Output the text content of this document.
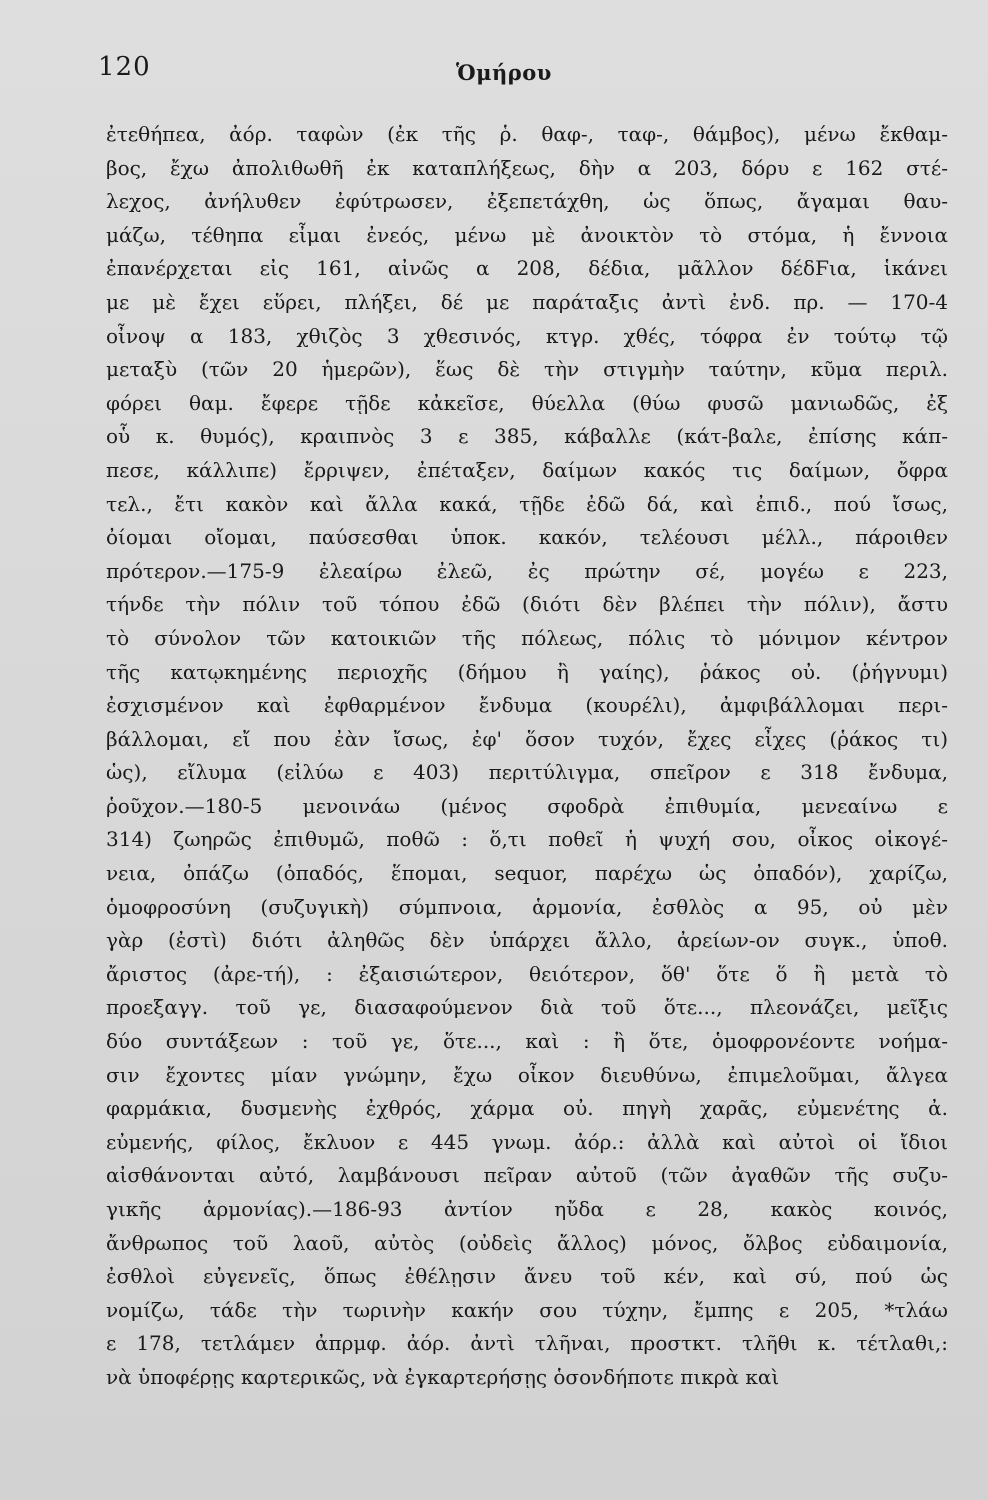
120	Ὁμήρου
ἐτεθήπεα, ἀόρ. ταφὼν (ἐκ τῆς ῥ. θαφ-, ταφ-, θάμβος), μένω ἔκθαμ-
βος, ἔχω ἀπολιθωθῆ ἐκ καταπλήξεως, δὴν α 203, δόρυ ε 162 στέ-
λεχος, ἀνήλυθεν ἐφύτρωσεν, ἐξεπετάχθη, ὡς ὅπως, ἄγαμαι θαυ-
μάζω, τέθηπα εἶμαι ἐνεός, μένω μὲ ἀνοικτὸν τὸ στόμα, ἡ ἔννοια
ἐπανέρχεται εἰς 161, αἰνῶς α 208, δέδια, μᾶλλον δέδϜια, ἱκάνει
με μὲ ἔχει εὕρει, πλήξει, δέ με παράταξις ἀντὶ ἐνδ. πρ. — 170-4
οἶνοψ α 183, χθιζὸς 3 χθεσινός, κτγρ. χθές, τόφρα ἐν τούτῳ τῷ
μεταξὺ (τῶν 20 ἡμερῶν), ἕως δὲ τὴν στιγμὴν ταύτην, κῦμα περιλ.
φόρει θαμ. ἔφερε τῇδε κἀκεῖσε, θύελλα (θύω φυσῶ μανιωδῶς, ἐξ
οὗ κ. θυμός), κραιπνὸς 3 ε 385, κάβαλλε (κάτ-βαλε, ἐπίσης κάπ-
πεσε, κάλλιπε) ἔρριψεν, ἐπέταξεν, δαίμων κακός τις δαίμων, ὄφρα
τελ., ἔτι κακὸν καὶ ἄλλα κακά, τῇδε ἐδῶ δά, καὶ ἐπιδ., πού ἴσως,
ὀίομαι οἴομαι, παύσεσθαι ὑποκ. κακόν, τελέουσι μέλλ., πάροιθεν
πρότερον.—175-9 ἐλεαίρω ἐλεῶ, ἐς πρώτην σέ, μογέω ε 223,
τήνδε τὴν πόλιν τοῦ τόπου ἐδῶ (διότι δὲν βλέπει τὴν πόλιν), ἄστυ
τὸ σύνολον τῶν κατοικιῶν τῆς πόλεως, πόλις τὸ μόνιμον κέντρον
τῆς κατῳκημένης περιοχῆς (δήμου ἢ γαίης), ῥάκος οὐ. (ῥήγνυμι)
ἐσχισμένον καὶ ἐφθαρμένον ἔνδυμα (κουρέλι), ἀμφιβάλλομαι περι-
βάλλομαι, εἴ που ἐὰν ἴσως, ἐφ' ὅσον τυχόν, ἔχες εἶχες (ῥάκος τι)
ὡς), εἴλυμα (εἰλύω ε 403) περιτύλιγμα, σπεῖρον ε 318 ἔνδυμα,
ῥοῦχον.—180-5 μενοινάω (μένος σφοδρὰ ἐπιθυμία, μενεαίνω ε
314) ζωηρῶς ἐπιθυμῶ, ποθῶ : ὅ,τι ποθεῖ ἡ ψυχή σου, οἶκος οἰκογέ-
νεια, ὀπάζω (ὀπαδός, ἕπομαι, sequor, παρέχω ὡς ὀπαδόν), χαρίζω,
ὁμοφροσύνη (συζυγικὴ) σύμπνοια, ἁρμονία, ἐσθλὸς α 95, οὐ μὲν
γὰρ (ἐστὶ) διότι ἀληθῶς δὲν ὑπάρχει ἄλλο, ἀρείων-ον συγκ., ὑποθ.
ἄριστος (ἀρε-τή), : ἐξαισιώτερον, θειότερον, ὅθ' ὅτε ὅ ἢ μετὰ τὸ
προεξαγγ. τοῦ γε, διασαφούμενον διὰ τοῦ ὅτε..., πλεονάζει, μεῖξις
δύο συντάξεων : τοῦ γε, ὅτε..., καὶ : ἢ ὅτε, ὁμοφρονέοντε νοήμα-
σιν ἔχοντες μίαν γνώμην, ἔχω οἶκον διευθύνω, ἐπιμελοῦμαι, ἄλγεα
φαρμάκια, δυσμενὴς ἐχθρός, χάρμα οὐ. πηγὴ χαρᾶς, εὐμενέτης ἀ.
εὐμενής, φίλος, ἔκλυον ε 445 γνωμ. ἀόρ.: ἀλλὰ καὶ αὐτοὶ οἱ ἴδιοι
αἰσθάνονται αὐτό, λαμβάνουσι πεῖραν αὐτοῦ (τῶν ἀγαθῶν τῆς συζυ-
γικῆς ἁρμονίας).—186-93 ἀντίον ηὔδα ε 28, κακὸς κοινός,
ἄνθρωπος τοῦ λαοῦ, αὐτὸς (οὐδεὶς ἄλλος) μόνος, ὄλβος εὐδαιμονία,
ἐσθλοὶ εὐγενεῖς, ὅπως ἐθέλῃσιν ἄνευ τοῦ κέν, καὶ σύ, πού ὡς
νομίζω, τάδε τὴν τωρινὴν κακήν σου τύχην, ἔμπης ε 205, *τλάω
ε 178, τετλάμεν ἀπρμφ. ἀόρ. ἀντὶ τλῆναι, προστκτ. τλῆθι κ. τέτλαθι,:
νὰ ὑποφέρῃς καρτερικῶς, νὰ ἐγκαρτερήσῃς ὁσονδήποτε πικρὰ καὶ
